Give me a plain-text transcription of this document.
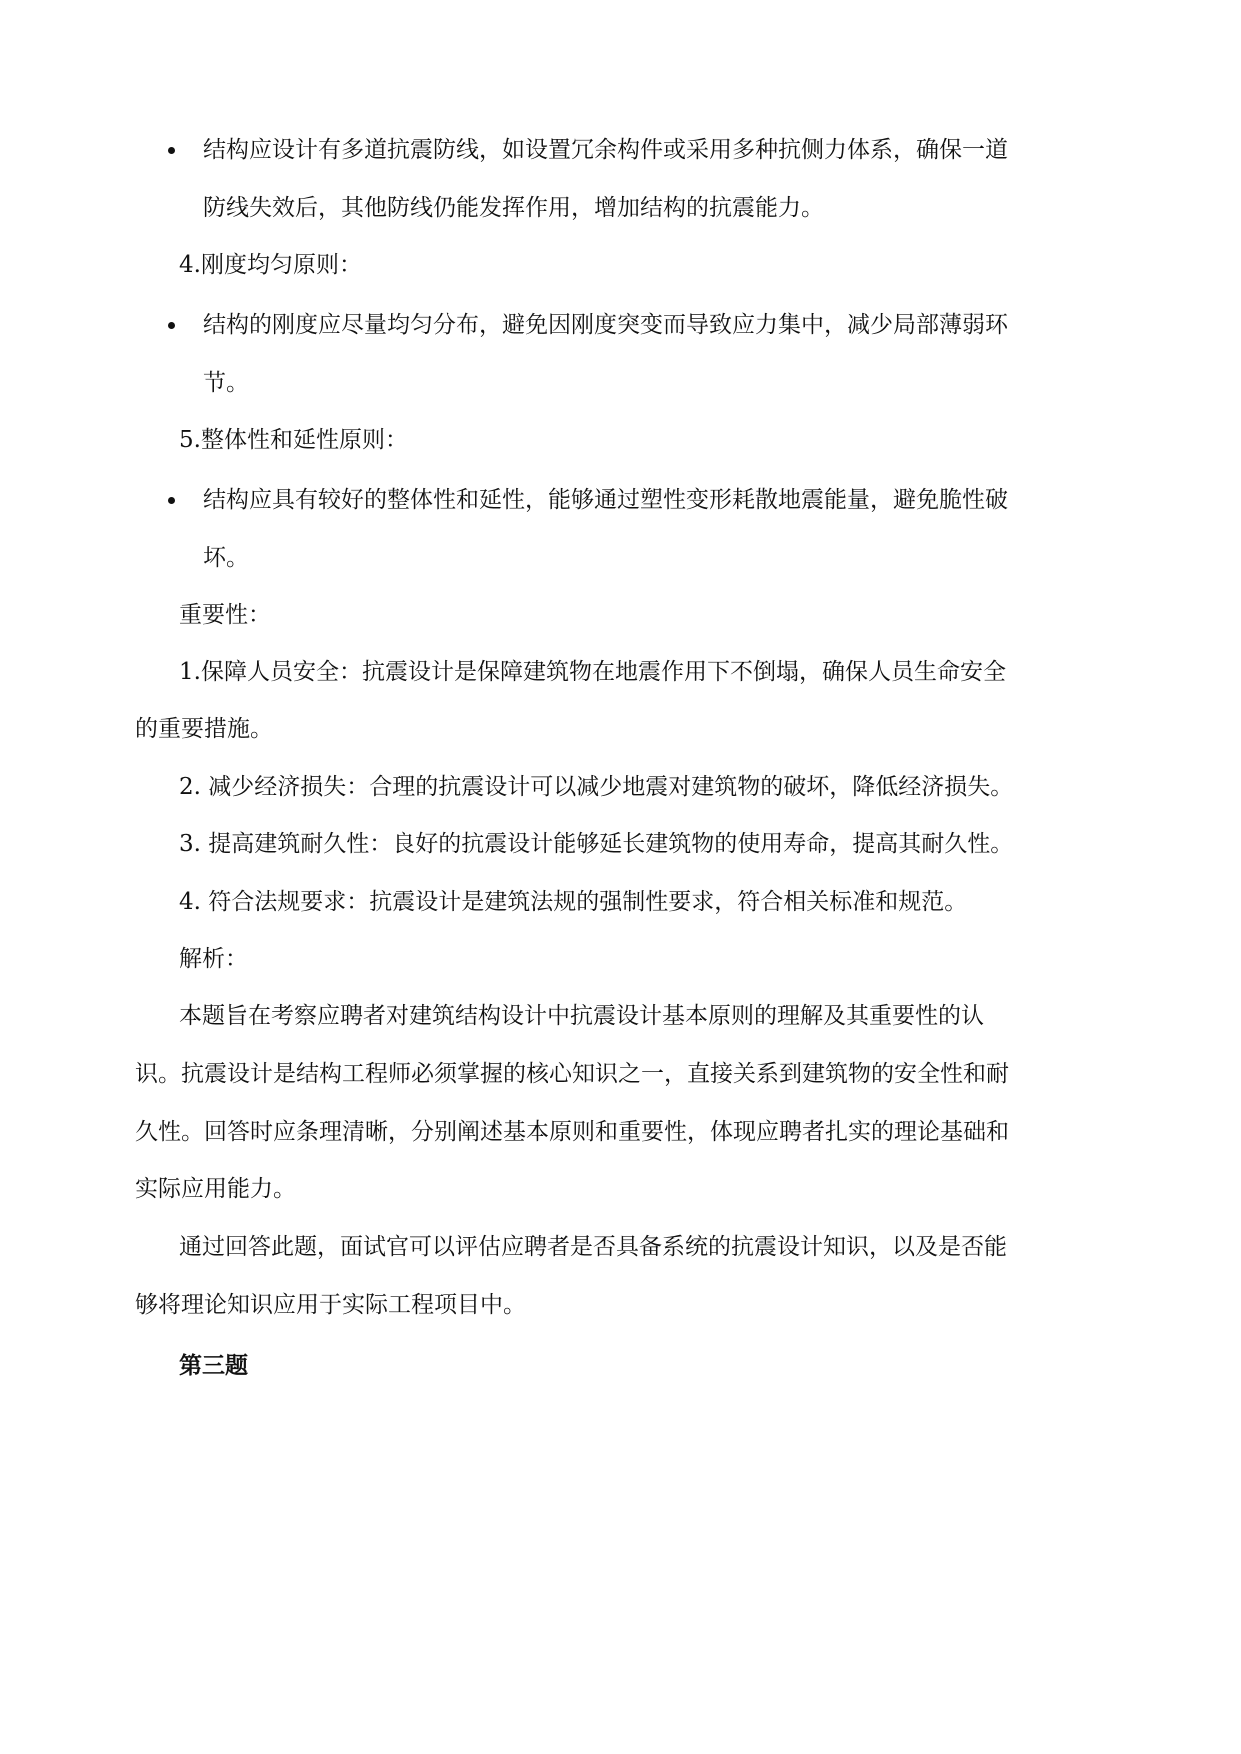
结构应设计有多道抗震防线，如设置冗余构件或采用多种抗侧力体系，确保一道

防线失效后，其他防线仍能发挥作用，增加结构的抗震能力。

4.刚度均匀原则：

结构的刚度应尽量均匀分布，避免因刚度突变而导致应力集中，减少局部薄弱环

节。

5.整体性和延性原则：

结构应具有较好的整体性和延性，能够通过塑性变形耗散地震能量，避免脆性破

坏。

重要性：

1.保障人员安全：抗震设计是保障建筑物在地震作用下不倒塌，确保人员生命安全

的重要措施。

2. 减少经济损失：合理的抗震设计可以减少地震对建筑物的破坏，降低经济损失。

3. 提高建筑耐久性：良好的抗震设计能够延长建筑物的使用寿命，提高其耐久性。

4. 符合法规要求：抗震设计是建筑法规的强制性要求，符合相关标准和规范。

解析：

本题旨在考察应聘者对建筑结构设计中抗震设计基本原则的理解及其重要性的认

识。抗震设计是结构工程师必须掌握的核心知识之一，直接关系到建筑物的安全性和耐

久性。回答时应条理清晰，分别阐述基本原则和重要性，体现应聘者扎实的理论基础和

实际应用能力。

通过回答此题，面试官可以评估应聘者是否具备系统的抗震设计知识，以及是否能

够将理论知识应用于实际工程项目中。

第三题
